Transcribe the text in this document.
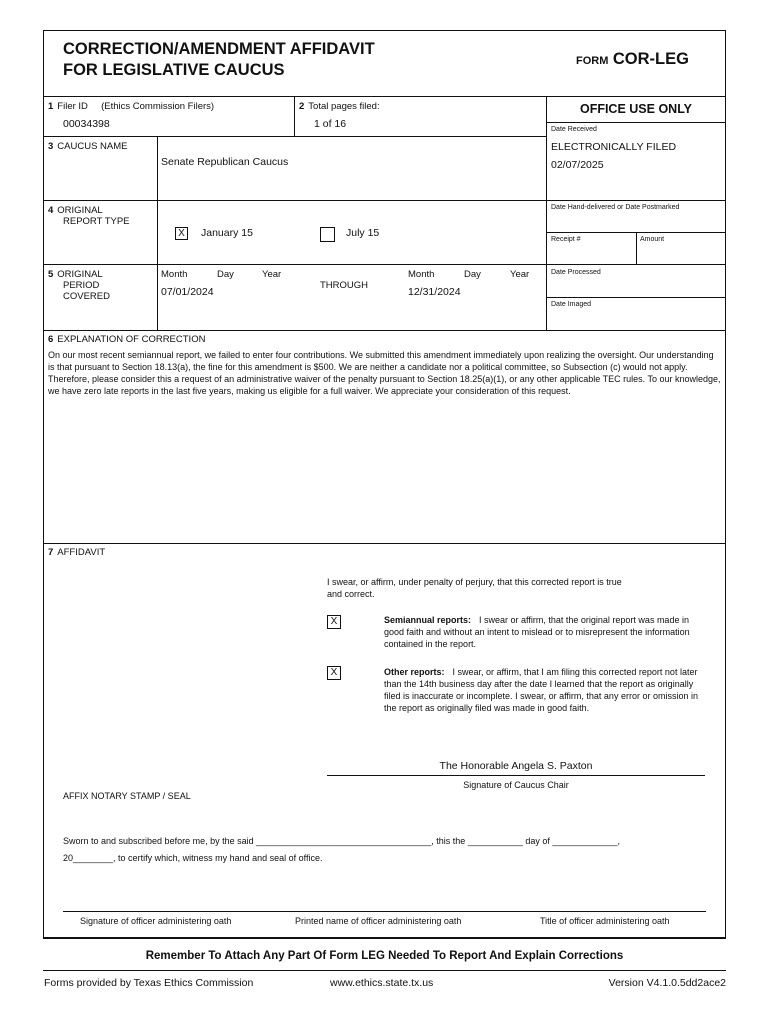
CORRECTION/AMENDMENT AFFIDAVIT
FOR LEGISLATIVE CAUCUS	FORM COR-LEG
1 Filer ID     (Ethics Commission Filers)
00034398
2 Total pages filed:
1 of 16
OFFICE USE ONLY
Date Received
ELECTRONICALLY FILED
02/07/2025
Date Hand-delivered or Date Postmarked
Receipt #	Amount
Date Processed
Date Imaged
3 CAUCUS NAME
Senate Republican Caucus
4 ORIGINAL
REPORT TYPE
X	January 15	July 15
5 ORIGINAL
PERIOD
COVERED
Month	Day	Year
07/01/2024
THROUGH
Month	Day	Year
12/31/2024
6 EXPLANATION OF CORRECTION
On our most recent semiannual report, we failed to enter four contributions. We submitted this amendment immediately upon realizing the oversight. Our understanding is that pursuant to Section 18.13(a), the fine for this amendment is $500. We are neither a candidate nor a political committee, so Subsection (c) would not apply. Therefore, please consider this a request of an administrative waiver of the penalty pursuant to Section 18.25(a)(1), or any other applicable TEC rules. To our knowledge, we have zero late reports in the last five years, making us eligible for a full waiver. We appreciate your consideration of this request.
7 AFFIDAVIT
I swear, or affirm, under penalty of perjury, that this corrected report is true
and correct.
X	Semiannual reports: I swear or affirm, that the original report was made in good faith and without an intent to mislead or to misrepresent the information contained in the report.
X	Other reports: I swear, or affirm, that I am filing this corrected report not later than the 14th business day after the date I learned that the report as originally filed is inaccurate or incomplete. I swear, or affirm, that any error or omission in the report as originally filed was made in good faith.
The Honorable Angela S. Paxton
Signature of Caucus Chair
AFFIX NOTARY STAMP / SEAL
Sworn to and subscribed before me, by the said ___________________________________, this the ___________ day of _____________,
20________, to certify which, witness my hand and seal of office.
Signature of officer administering oath	Printed name of officer administering oath	Title of officer administering oath
Remember To Attach Any Part Of Form LEG Needed To Report And Explain Corrections
Forms provided by Texas Ethics Commission	www.ethics.state.tx.us	Version V4.1.0.5dd2ace2
